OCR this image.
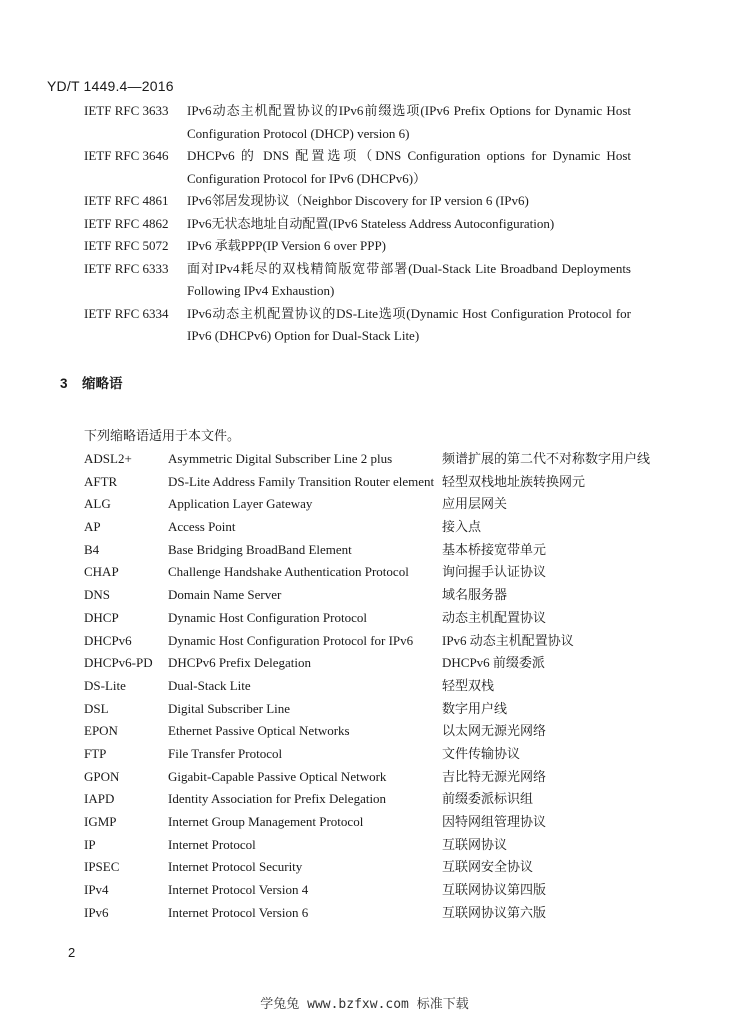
YD/T 1449.4—2016
IETF RFC 3633 IPv6动态主机配置协议的IPv6前缀选项(IPv6 Prefix Options for Dynamic Host Configuration Protocol (DHCP) version 6)
IETF RFC 3646 DHCPv6 的 DNS 配置选项（DNS Configuration options for Dynamic Host Configuration Protocol for IPv6 (DHCPv6)）
IETF RFC 4861 IPv6邻居发现协议（Neighbor Discovery for IP version 6 (IPv6)
IETF RFC 4862 IPv6无状态地址自动配置(IPv6 Stateless Address Autoconfiguration)
IETF RFC 5072 IPv6 承载PPP(IP Version 6 over PPP)
IETF RFC 6333 面对IPv4耗尽的双栈精简版宽带部署(Dual-Stack Lite Broadband Deployments Following IPv4 Exhaustion)
IETF RFC 6334 IPv6动态主机配置协议的DS-Lite选项(Dynamic Host Configuration Protocol for IPv6 (DHCPv6) Option for Dual-Stack Lite)
3 缩略语
下列缩略语适用于本文件。
ADSL2+	Asymmetric Digital Subscriber Line 2 plus	频谱扩展的第二代不对称数字用户线
AFTR	DS-Lite Address Family Transition Router element 轻型双栈地址族转换网元
ALG	Application Layer Gateway	应用层网关
AP	Access Point	接入点
B4	Base Bridging BroadBand Element	基本桥接宽带单元
CHAP	Challenge Handshake Authentication Protocol	询问握手认证协议
DNS	Domain Name Server	域名服务器
DHCP	Dynamic Host Configuration Protocol	动态主机配置协议
DHCPv6	Dynamic Host Configuration Protocol for IPv6 IPv6 动态主机配置协议
DHCPv6-PD DHCPv6 Prefix Delegation	DHCPv6 前缀委派
DS-Lite	Dual-Stack Lite	轻型双栈
DSL	Digital Subscriber Line	数字用户线
EPON	Ethernet Passive Optical Networks	以太网无源光网络
FTP	File Transfer Protocol	文件传输协议
GPON	Gigabit-Capable Passive Optical Network	吉比特无源光网络
IAPD	Identity Association for Prefix Delegation	前缀委派标识组
IGMP	Internet Group Management Protocol	因特网组管理协议
IP	Internet Protocol	互联网协议
IPSEC	Internet Protocol Security	互联网安全协议
IPv4	Internet Protocol Version 4	互联网协议第四版
IPv6	Internet Protocol Version 6	互联网协议第六版
2
学兔兔 www.bzfxw.com 标准下载
